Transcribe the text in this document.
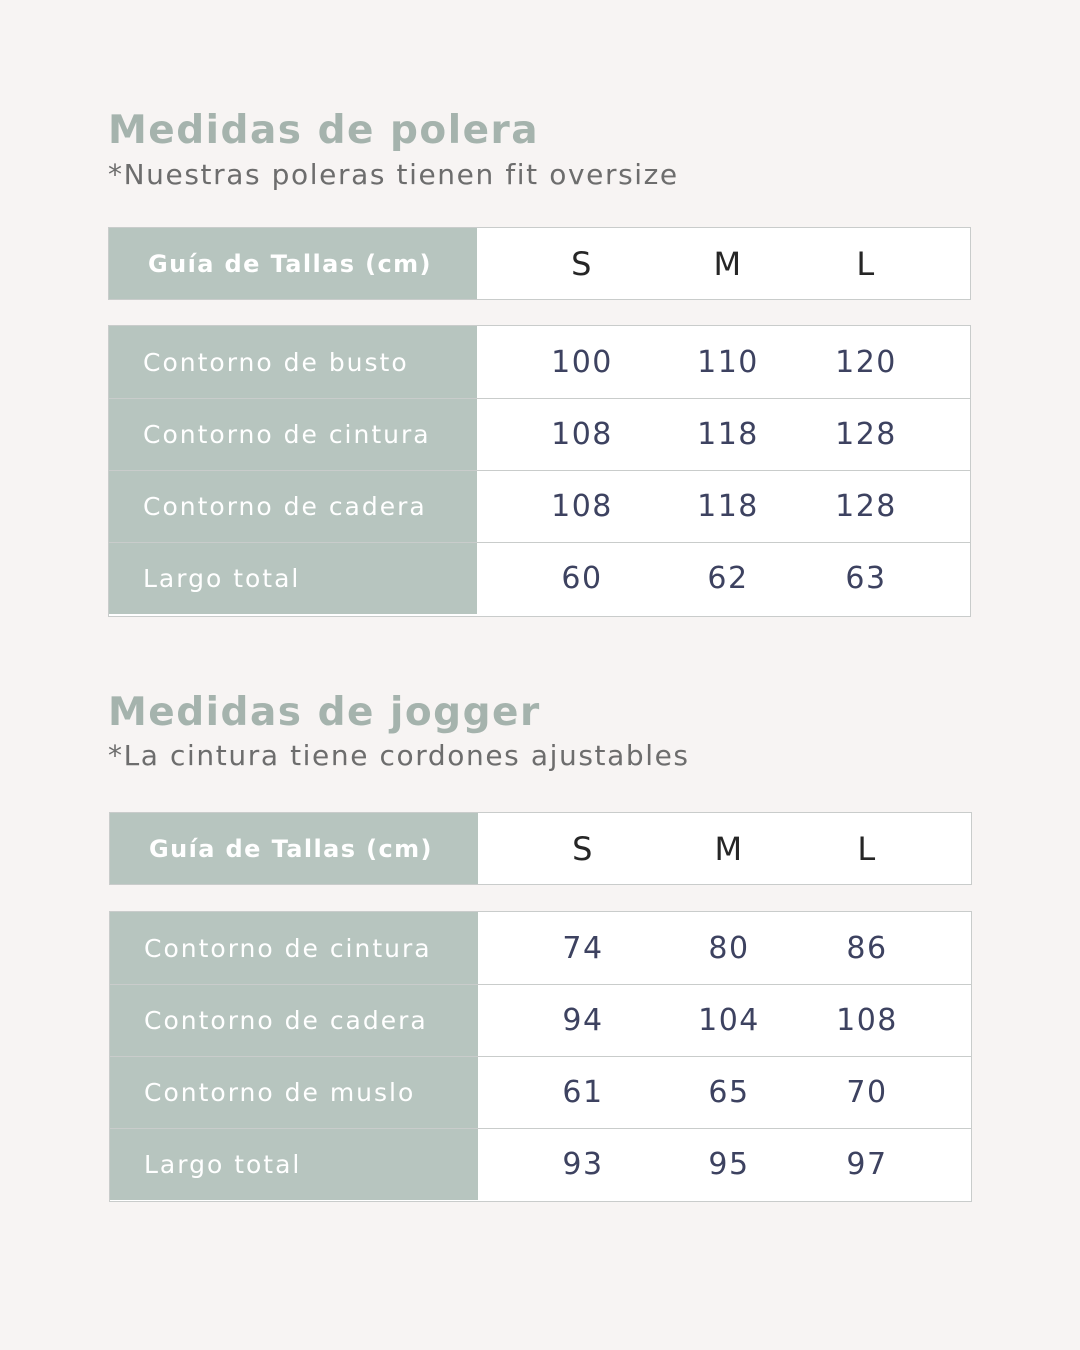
Medidas de polera

*Nuestras poleras tienen fit oversize

Guía de Tallas (cm)	S	M	L
Contorno de busto	100	110	120
Contorno de cintura	108	118	128
Contorno de cadera	108	118	128
Largo total	60	62	63
Medidas de jogger

*La cintura tiene cordones ajustables

Guía de Tallas (cm)	S	M	L
Contorno de cintura	74	80	86
Contorno de cadera	94	104	108
Contorno de muslo	61	65	70
Largo total	93	95	97
